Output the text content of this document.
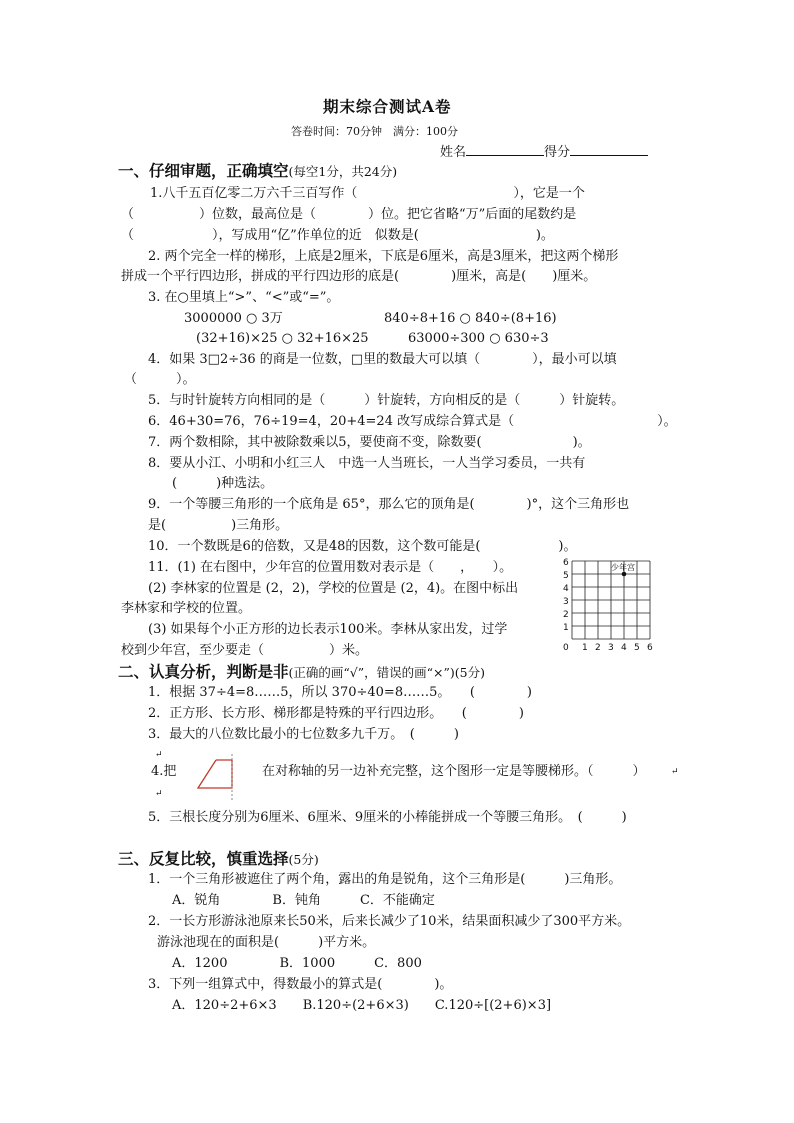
期末综合测试A卷
答卷时间：70分钟　满分：100分
姓名	得分
一、仔细审题，正确填空(每空1分，共24分)
1.八千五百亿零二万六千三百写作（　　　　　　　　　　　　），它是一个
（　　　　　）位数，最高位是（　　　　）位。把它省略“万”后面的尾数约是
（　　　　　　），写成用“亿”作单位的近　似数是(　　　　　　　　　)。
2. 两个完全一样的梯形，上底是2厘米，下底是6厘米，高是3厘米，把这两个梯形
拼成一个平行四边形，拼成的平行四边形的底是(　　　　)厘米，高是(　　)厘米。
3. 在○里填上“>”、“<”或“=”。
3000000 ○ 3万	840÷8+16 ○ 840÷(8+16)
(32+16)×25 ○ 32+16×25	63000÷300 ○ 630÷3
4．如果 3□2÷36 的商是一位数，□里的数最大可以填（　　　　），最小可以填
（　　　）。
5．与时针旋转方向相同的是（　　　）针旋转，方向相反的是（　　　）针旋转。
6．46+30=76，76÷19=4，20+4=24 改写成综合算式是（　　　　　　　　　　　）。
7．两个数相除，其中被除数乘以5，要使商不变，除数要(　　　　　　　)。
8．要从小江、小明和小红三人　中选一人当班长，一人当学习委员，一共有
(　　　)种选法。
9．一个等腰三角形的一个底角是 65°，那么它的顶角是(　　　　)°，这个三角形也
是(　　　　　)三角形。
10．一个数既是6的倍数，又是48的因数，这个数可能是(　　　　　　)。
11．(1) 在右图中，少年宫的位置用数对表示是（　　，　　）。
(2) 李林家的位置是 (2，2)，学校的位置是 (2，4)。在图中标出
李林家和学校的位置。
(3) 如果每个小正方形的边长表示100米。李林从家出发，过学
校到少年宫，至少要走（　　　　　）米。
6
5
4
3
2
1
0 1 2 3 4 5 6
少年宫
二、认真分析，判断是非(正确的画“√”，错误的画“×”)(5分)
1．根据 37÷4=8……5，所以 370÷40=8……5。　　(　　　　)
2．正方形、长方形、梯形都是特殊的平行四边形。　　(　　　　)
3．最大的八位数比最小的七位数多九千万。　(　　　)
↵
4.把	在对称轴的另一边补充完整，这个图形一定是等腰梯形。（　　　）	↵
↵
5．三根长度分别为6厘米、6厘米、9厘米的小棒能拼成一个等腰三角形。　(　　　)
三、反复比较，慎重选择(5分)
1．一个三角形被遮住了两个角，露出的角是锐角，这个三角形是(　　　)三角形。
A．锐角　　　　B．钝角　　　C．不能确定
2．一长方形游泳池原来长50米，后来长减少了10米，结果面积减少了300平方米。
游泳池现在的面积是(　　　)平方米。
A．1200　　　　B．1000　　　C．800
3．下列一组算式中，得数最小的算式是(　　　　)。
A．120÷2+6×3　　B.120÷(2+6×3)　　C.120÷[(2+6)×3]
